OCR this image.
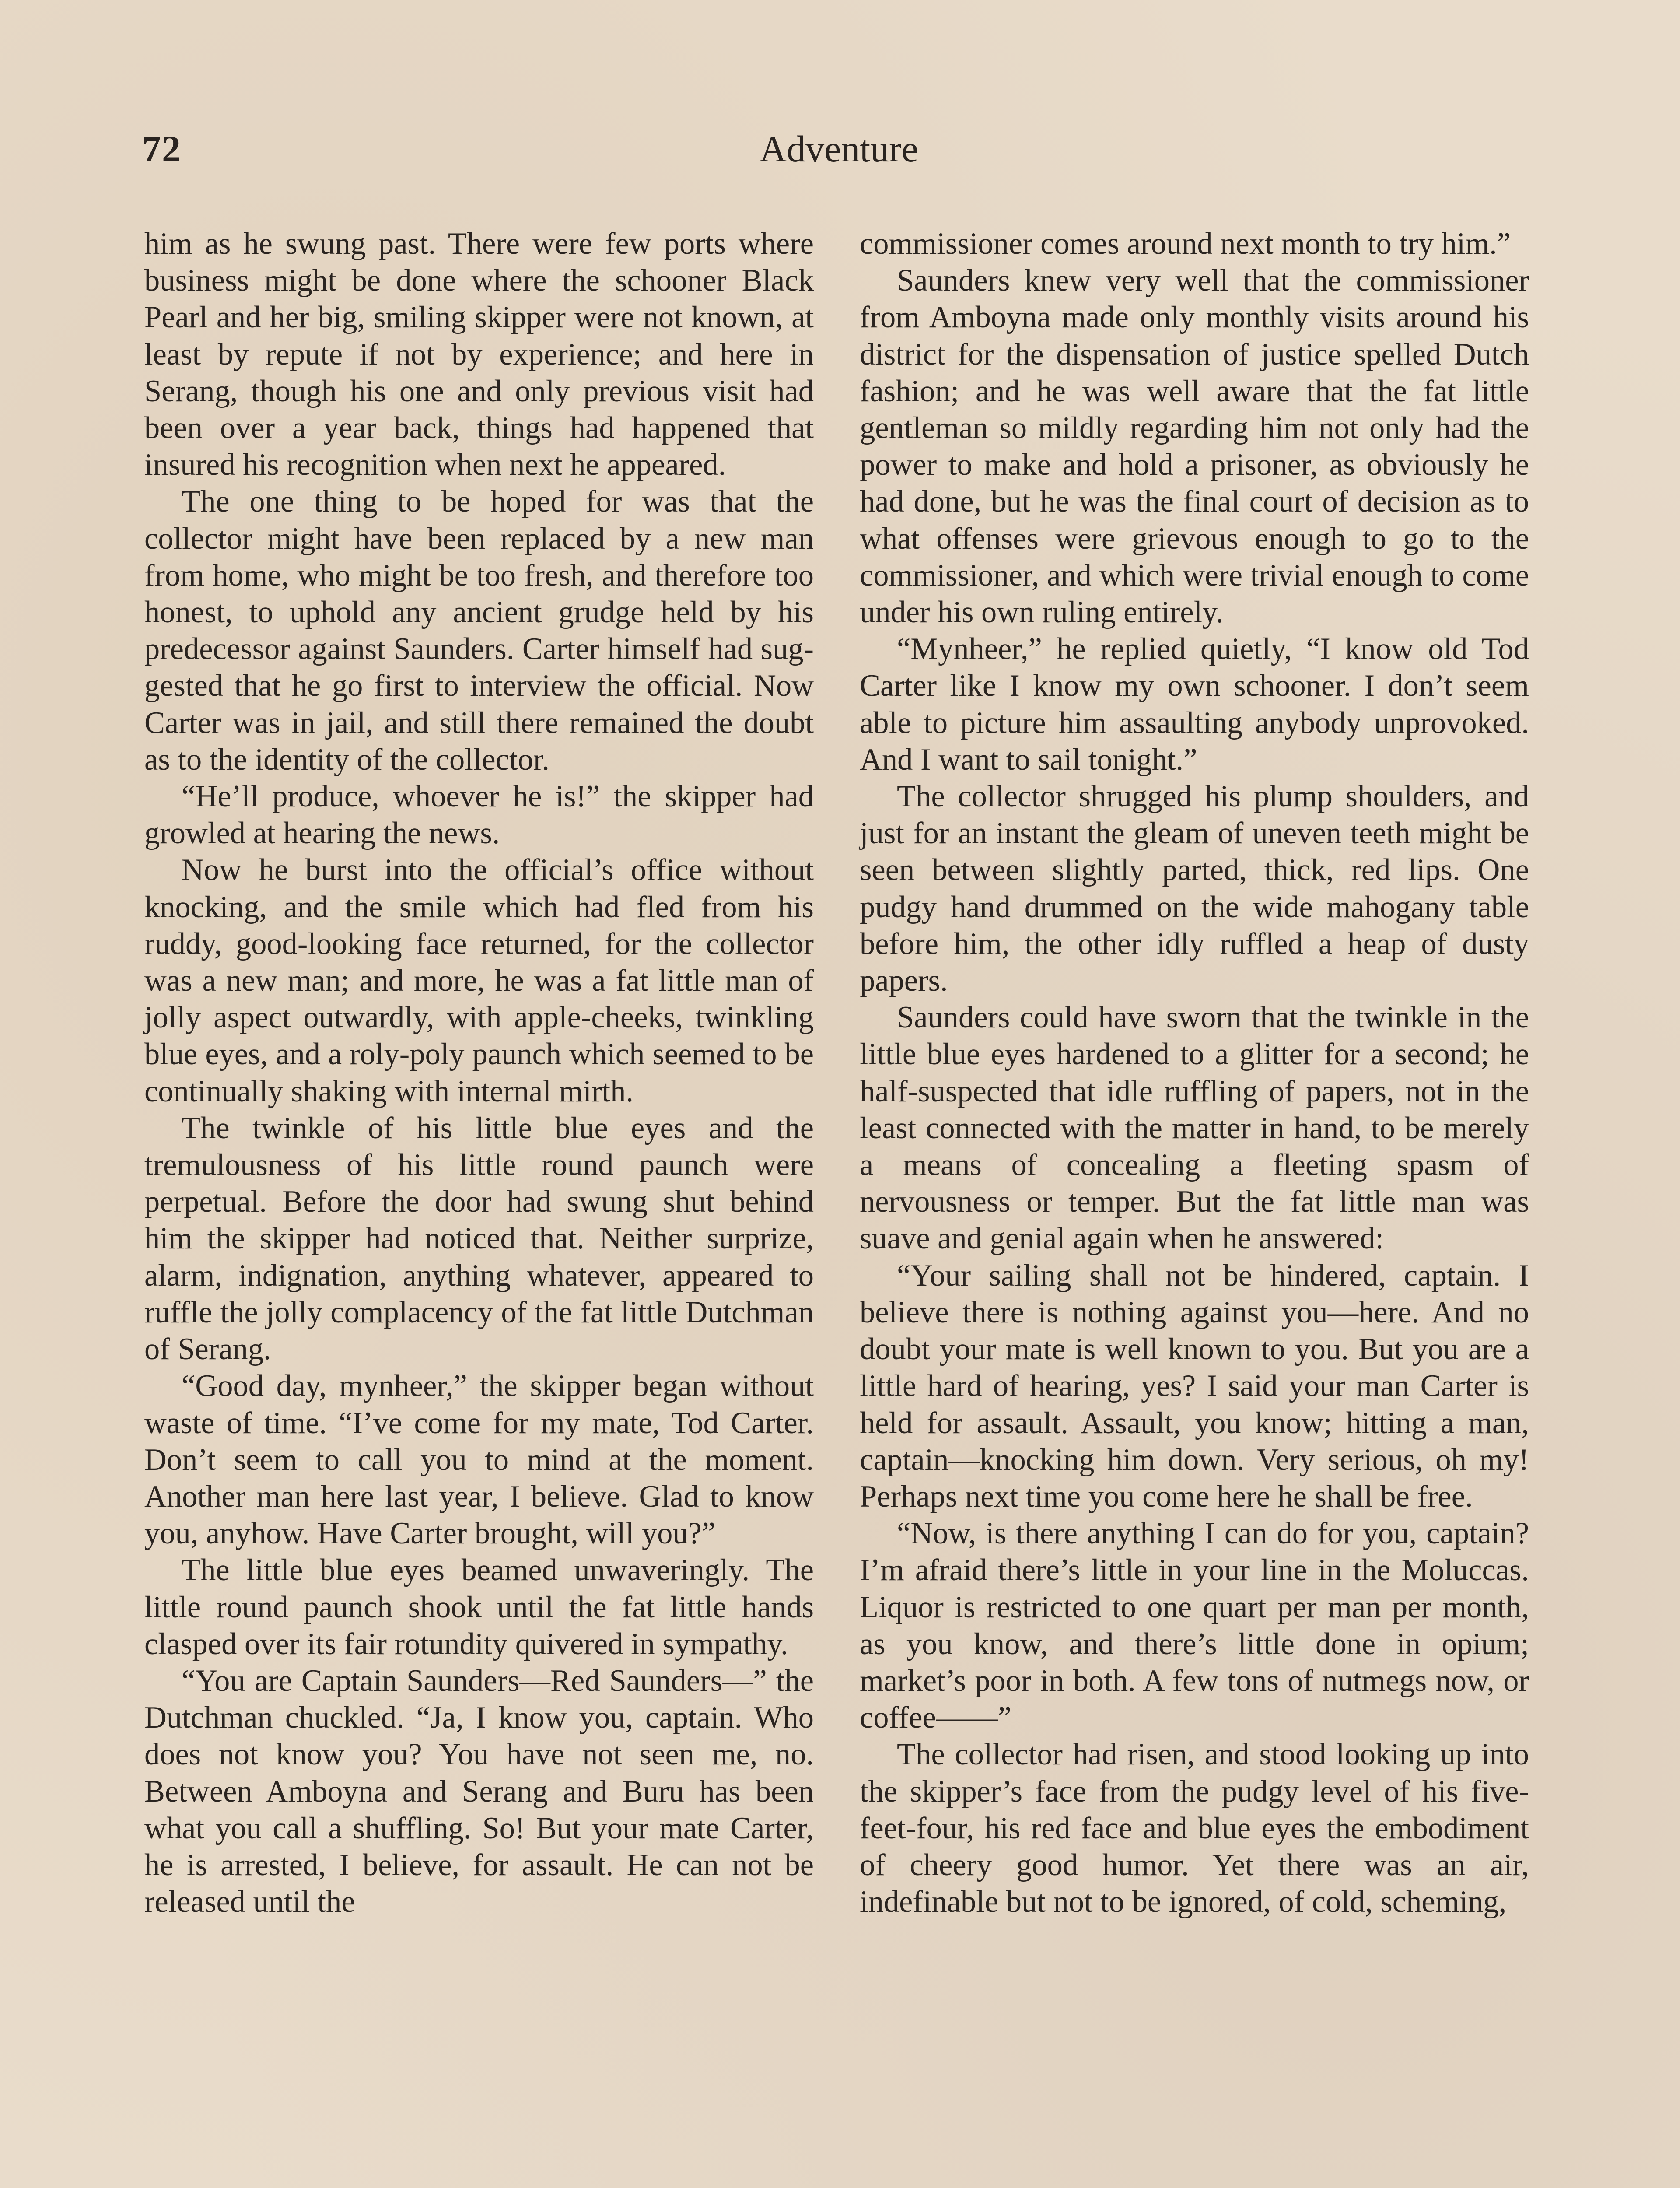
72	Adventure

him as he swung past. There were few ports where business might be done where the schooner Black Pearl and her big, smiling skipper were not known, at least by repute if not by experience; and here in Serang, though his one and only previous visit had been over a year back, things had happened that insured his recognition when next he appeared.

The one thing to be hoped for was that the collector might have been replaced by a new man from home, who might be too fresh, and therefore too honest, to uphold any ancient grudge held by his predecessor against Saunders. Carter himself had suggested that he go first to interview the official. Now Carter was in jail, and still there remained the doubt as to the identity of the collector.

“He’ll produce, whoever he is!” the skipper had growled at hearing the news.

Now he burst into the official’s office without knocking, and the smile which had fled from his ruddy, good-looking face returned, for the collector was a new man; and more, he was a fat little man of jolly aspect outwardly, with apple-cheeks, twinkling blue eyes, and a roly-poly paunch which seemed to be continually shaking with internal mirth.

The twinkle of his little blue eyes and the tremulousness of his little round paunch were perpetual. Before the door had swung shut behind him the skipper had noticed that. Neither surprize, alarm, indignation, anything whatever, appeared to ruffle the jolly complacency of the fat little Dutchman of Serang.

“Good day, mynheer,” the skipper began without waste of time. “I’ve come for my mate, Tod Carter. Don’t seem to call you to mind at the moment. Another man here last year, I believe. Glad to know you, anyhow. Have Carter brought, will you?”

The little blue eyes beamed unwaveringly. The little round paunch shook until the fat little hands clasped over its fair rotundity quivered in sympathy.

“You are Captain Saunders—Red Saunders—” the Dutchman chuckled. “Ja, I know you, captain. Who does not know you? You have not seen me, no. Between Amboyna and Serang and Buru has been what you call a shuffling. So! But your mate Carter, he is arrested, I believe, for assault. He can not be released until the

commissioner comes around next month to try him.”

Saunders knew very well that the commissioner from Amboyna made only monthly visits around his district for the dispensation of justice spelled Dutch fashion; and he was well aware that the fat little gentleman so mildly regarding him not only had the power to make and hold a prisoner, as obviously he had done, but he was the final court of decision as to what offenses were grievous enough to go to the commissioner, and which were trivial enough to come under his own ruling entirely.

“Mynheer,” he replied quietly, “I know old Tod Carter like I know my own schooner. I don’t seem able to picture him assaulting anybody unprovoked. And I want to sail tonight.”

The collector shrugged his plump shoulders, and just for an instant the gleam of uneven teeth might be seen between slightly parted, thick, red lips. One pudgy hand drummed on the wide mahogany table before him, the other idly ruffled a heap of dusty papers.

Saunders could have sworn that the twinkle in the little blue eyes hardened to a glitter for a second; he half-suspected that idle ruffling of papers, not in the least connected with the matter in hand, to be merely a means of concealing a fleeting spasm of nervousness or temper. But the fat little man was suave and genial again when he answered:

“Your sailing shall not be hindered, captain. I believe there is nothing against you—here. And no doubt your mate is well known to you. But you are a little hard of hearing, yes? I said your man Carter is held for assault. Assault, you know; hitting a man, captain—knocking him down. Very serious, oh my! Perhaps next time you come here he shall be free.

“Now, is there anything I can do for you, captain? I’m afraid there’s little in your line in the Moluccas. Liquor is restricted to one quart per man per month, as you know, and there’s little done in opium; market’s poor in both. A few tons of nutmegs now, or coffee——”

The collector had risen, and stood looking up into the skipper’s face from the pudgy level of his five-feet-four, his red face and blue eyes the embodiment of cheery good humor. Yet there was an air, indefinable but not to be ignored, of cold, scheming,
